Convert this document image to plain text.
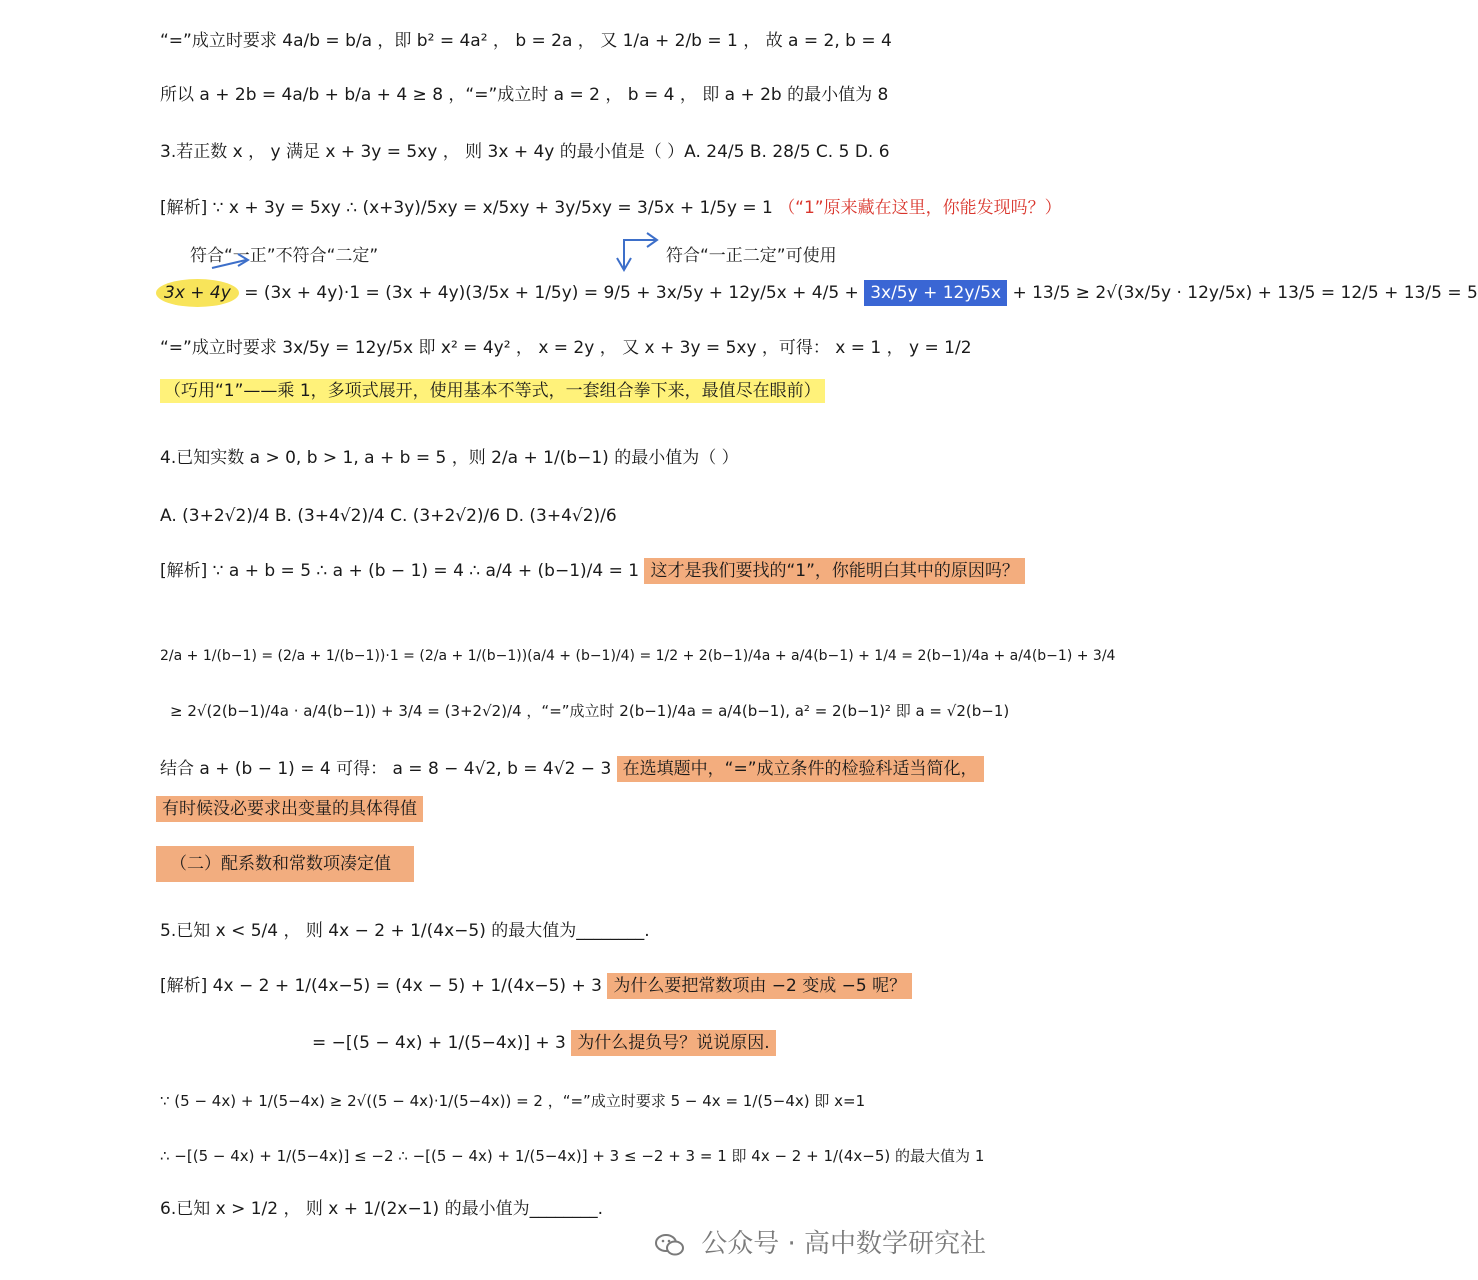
“=”成立时要求 4a/b = b/a ，即 b² = 4a² ， b = 2a ， 又 1/a + 2/b = 1 ， 故 a = 2, b = 4
所以 a + 2b = 4a/b + b/a + 4 ≥ 8 ，“=”成立时 a = 2 ， b = 4 ， 即 a + 2b 的最小值为 8
3.若正数 x ， y 满足 x + 3y = 5xy ， 则 3x + 4y 的最小值是（ ）A. 24/5 B. 28/5 C. 5 D. 6
[解析] ∵ x + 3y = 5xy ∴ (x+3y)/5xy = x/5xy + 3y/5xy = 3/5x + 1/5y = 1 （“1”原来藏在这里，你能发现吗？）
符合“一正”不符合“二定”	符合“一正二定”可使用
3x + 4y = (3x + 4y)·1 = (3x + 4y)(3/5x + 1/5y) = 9/5 + 3x/5y + 12y/5x + 4/5 + 3x/5y + 12y/5x + 13/5 ≥ 2√(3x/5y · 12y/5x) + 13/5 = 12/5 + 13/5 = 5
“=”成立时要求 3x/5y = 12y/5x 即 x² = 4y² ， x = 2y ， 又 x + 3y = 5xy ，可得： x = 1 ， y = 1/2
（巧用“1”——乘 1，多项式展开，使用基本不等式，一套组合拳下来，最值尽在眼前）
4.已知实数 a > 0, b > 1, a + b = 5 ，则 2/a + 1/(b−1) 的最小值为（ ）
A. (3+2√2)/4 B. (3+4√2)/4 C. (3+2√2)/6 D. (3+4√2)/6
[解析] ∵ a + b = 5 ∴ a + (b − 1) = 4 ∴ a/4 + (b−1)/4 = 1 这才是我们要找的“1”，你能明白其中的原因吗？
2/a + 1/(b−1) = (2/a + 1/(b−1))·1 = (2/a + 1/(b−1))(a/4 + (b−1)/4) = 1/2 + 2(b−1)/4a + a/4(b−1) + 1/4 = 2(b−1)/4a + a/4(b−1) + 3/4
≥ 2√(2(b−1)/4a · a/4(b−1)) + 3/4 = (3+2√2)/4 ，“=”成立时 2(b−1)/4a = a/4(b−1), a² = 2(b−1)² 即 a = √2(b−1)
结合 a + (b − 1) = 4 可得： a = 8 − 4√2, b = 4√2 − 3 在选填题中，“=”成立条件的检验科适当简化，
有时候没必要求出变量的具体得值
（二）配系数和常数项凑定值
5.已知 x < 5/4 ， 则 4x − 2 + 1/(4x−5) 的最大值为________.
[解析] 4x − 2 + 1/(4x−5) = (4x − 5) + 1/(4x−5) + 3 为什么要把常数项由 −2 变成 −5 呢？
= −[(5 − 4x) + 1/(5−4x)] + 3 为什么提负号？说说原因.
∵ (5 − 4x) + 1/(5−4x) ≥ 2√((5 − 4x)·1/(5−4x)) = 2 ，“=”成立时要求 5 − 4x = 1/(5−4x) 即 x=1
∴ −[(5 − 4x) + 1/(5−4x)] ≤ −2 ∴ −[(5 − 4x) + 1/(5−4x)] + 3 ≤ −2 + 3 = 1 即 4x − 2 + 1/(4x−5) 的最大值为 1
6.已知 x > 1/2 ， 则 x + 1/(2x−1) 的最小值为________.
公众号 · 高中数学研究社
